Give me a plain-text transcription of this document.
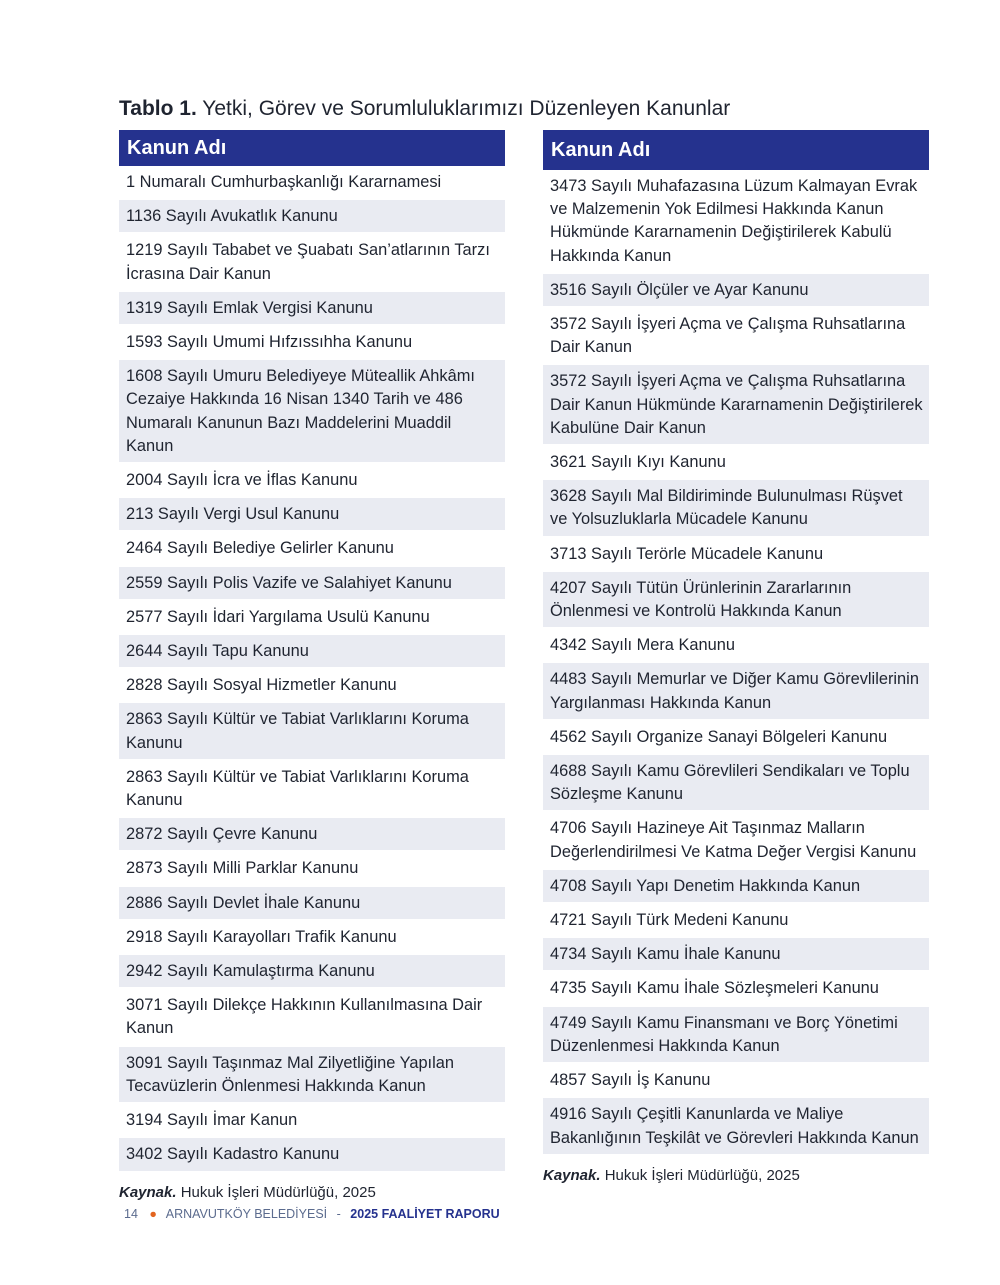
Tablo 1. Yetki, Görev ve Sorumluluklarımızı Düzenleyen Kanunlar
Kanun Adı
1 Numaralı Cumhurbaşkanlığı Kararnamesi
1136 Sayılı Avukatlık Kanunu
1219 Sayılı Tababet ve Şuabatı San’atlarının Tarzı İcrasına Dair Kanun
1319 Sayılı Emlak Vergisi Kanunu
1593 Sayılı Umumi Hıfzıssıhha Kanunu
1608 Sayılı Umuru Belediyeye Müteallik Ahkâmı Cezaiye Hakkında 16 Nisan 1340 Tarih ve 486 Numaralı Kanunun Bazı Maddelerini Muaddil Kanun
2004 Sayılı İcra ve İflas Kanunu
213 Sayılı Vergi Usul Kanunu
2464 Sayılı Belediye Gelirler Kanunu
2559 Sayılı Polis Vazife ve Salahiyet Kanunu
2577 Sayılı İdari Yargılama Usulü Kanunu
2644 Sayılı Tapu Kanunu
2828 Sayılı Sosyal Hizmetler Kanunu
2863 Sayılı Kültür ve Tabiat Varlıklarını Koruma Kanunu
2863 Sayılı Kültür ve Tabiat Varlıklarını Koruma Kanunu
2872 Sayılı Çevre Kanunu
2873 Sayılı Milli Parklar Kanunu
2886 Sayılı Devlet İhale Kanunu
2918 Sayılı Karayolları Trafik Kanunu
2942 Sayılı Kamulaştırma Kanunu
3071 Sayılı Dilekçe Hakkının Kullanılmasına Dair Kanun
3091 Sayılı Taşınmaz Mal Zilyetliğine Yapılan Tecavüzlerin Önlenmesi Hakkında Kanun
3194 Sayılı İmar Kanun
3402 Sayılı Kadastro Kanunu
Kaynak. Hukuk İşleri Müdürlüğü, 2025
Kanun Adı
3473 Sayılı Muhafazasına Lüzum Kalmayan Evrak ve Malzemenin Yok Edilmesi Hakkında Kanun Hükmünde Kararnamenin Değiştirilerek Kabulü Hakkında Kanun
3516 Sayılı Ölçüler ve Ayar Kanunu
3572 Sayılı İşyeri Açma ve Çalışma Ruhsatlarına Dair Kanun
3572 Sayılı İşyeri Açma ve Çalışma Ruhsatlarına Dair Kanun Hükmünde Kararnamenin Değiştirilerek Kabulüne Dair Kanun
3621 Sayılı Kıyı Kanunu
3628 Sayılı Mal Bildiriminde Bulunulması Rüşvet ve Yolsuzluklarla Mücadele Kanunu
3713 Sayılı Terörle Mücadele Kanunu
4207 Sayılı Tütün Ürünlerinin Zararlarının Önlenmesi ve Kontrolü Hakkında Kanun
4342 Sayılı Mera Kanunu
4483 Sayılı Memurlar ve Diğer Kamu Görevlilerinin Yargılanması Hakkında Kanun
4562 Sayılı Organize Sanayi Bölgeleri Kanunu
4688 Sayılı Kamu Görevlileri Sendikaları ve Toplu Sözleşme Kanunu
4706 Sayılı Hazineye Ait Taşınmaz Malların Değerlendirilmesi Ve Katma Değer Vergisi Kanunu
4708 Sayılı Yapı Denetim Hakkında Kanun
4721 Sayılı Türk Medeni Kanunu
4734 Sayılı Kamu İhale Kanunu
4735 Sayılı Kamu İhale Sözleşmeleri Kanunu
4749 Sayılı Kamu Finansmanı ve Borç Yönetimi Düzenlenmesi Hakkında Kanun
4857 Sayılı İş Kanunu
4916 Sayılı Çeşitli Kanunlarda ve Maliye Bakanlığının Teşkilât ve Görevleri Hakkında Kanun
Kaynak. Hukuk İşleri Müdürlüğü, 2025
14 ● ARNAVUTKÖY BELEDİYESİ - 2025 FAALİYET RAPORU
